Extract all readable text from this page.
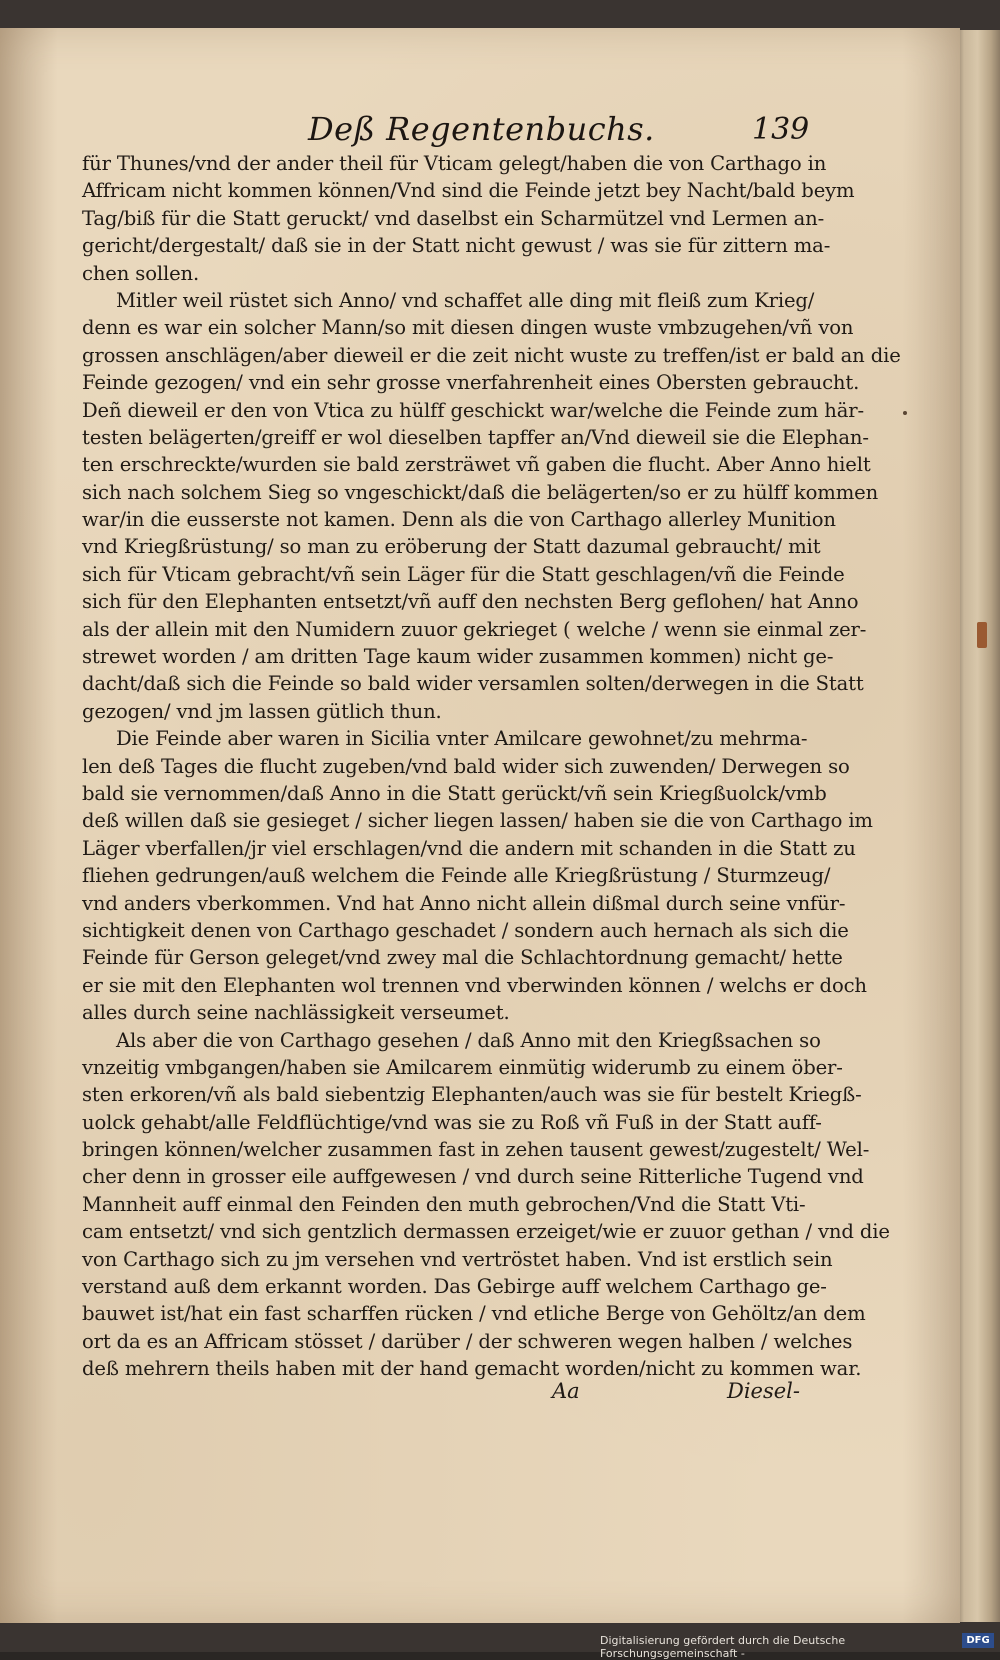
Deß Regentenbuchs.	139
für Thunes/vnd der ander theil für Vticam gelegt/haben die von Carthago in
Affricam nicht kommen können/Vnd sind die Feinde jetzt bey Nacht/bald beym
Tag/biß für die Statt geruckt/ vnd daselbst ein Scharmützel vnd Lermen an-
gericht/dergestalt/ daß sie in der Statt nicht gewust / was sie für zittern ma-
chen sollen.
Mitler weil rüstet sich Anno/ vnd schaffet alle ding mit fleiß zum Krieg/
denn es war ein solcher Mann/so mit diesen dingen wuste vmbzugehen/vñ von
grossen anschlägen/aber dieweil er die zeit nicht wuste zu treffen/ist er bald an die
Feinde gezogen/ vnd ein sehr grosse vnerfahrenheit eines Obersten gebraucht.
Deñ dieweil er den von Vtica zu hülff geschickt war/welche die Feinde zum här-
testen belägerten/greiff er wol dieselben tapffer an/Vnd dieweil sie die Elephan-
ten erschreckte/wurden sie bald zersträwet vñ gaben die flucht. Aber Anno hielt
sich nach solchem Sieg so vngeschickt/daß die belägerten/so er zu hülff kommen
war/in die eusserste not kamen. Denn als die von Carthago allerley Munition
vnd Kriegßrüstung/ so man zu eröberung der Statt dazumal gebraucht/ mit
sich für Vticam gebracht/vñ sein Läger für die Statt geschlagen/vñ die Feinde
sich für den Elephanten entsetzt/vñ auff den nechsten Berg geflohen/ hat Anno
als der allein mit den Numidern zuuor gekrieget ( welche / wenn sie einmal zer-
strewet worden / am dritten Tage kaum wider zusammen kommen) nicht ge-
dacht/daß sich die Feinde so bald wider versamlen solten/derwegen in die Statt
gezogen/ vnd jm lassen gütlich thun.
Die Feinde aber waren in Sicilia vnter Amilcare gewohnet/zu mehrma-
len deß Tages die flucht zugeben/vnd bald wider sich zuwenden/ Derwegen so
bald sie vernommen/daß Anno in die Statt gerückt/vñ sein Kriegßuolck/vmb
deß willen daß sie gesieget / sicher liegen lassen/ haben sie die von Carthago im
Läger vberfallen/jr viel erschlagen/vnd die andern mit schanden in die Statt zu
fliehen gedrungen/auß welchem die Feinde alle Kriegßrüstung / Sturmzeug/
vnd anders vberkommen. Vnd hat Anno nicht allein dißmal durch seine vnfür-
sichtigkeit denen von Carthago geschadet / sondern auch hernach als sich die
Feinde für Gerson geleget/vnd zwey mal die Schlachtordnung gemacht/ hette
er sie mit den Elephanten wol trennen vnd vberwinden können / welchs er doch
alles durch seine nachlässigkeit verseumet.
Als aber die von Carthago gesehen / daß Anno mit den Kriegßsachen so
vnzeitig vmbgangen/haben sie Amilcarem einmütig widerumb zu einem öber-
sten erkoren/vñ als bald siebentzig Elephanten/auch was sie für bestelt Kriegß-
uolck gehabt/alle Feldflüchtige/vnd was sie zu Roß vñ Fuß in der Statt auff-
bringen können/welcher zusammen fast in zehen tausent gewest/zugestelt/ Wel-
cher denn in grosser eile auffgewesen / vnd durch seine Ritterliche Tugend vnd
Mannheit auff einmal den Feinden den muth gebrochen/Vnd die Statt Vti-
cam entsetzt/ vnd sich gentzlich dermassen erzeiget/wie er zuuor gethan / vnd die
von Carthago sich zu jm versehen vnd vertröstet haben. Vnd ist erstlich sein
verstand auß dem erkannt worden. Das Gebirge auff welchem Carthago ge-
bauwet ist/hat ein fast scharffen rücken / vnd etliche Berge von Gehöltz/an dem
ort da es an Affricam stösset / darüber / der schweren wegen halben / welches
deß mehrern theils haben mit der hand gemacht worden/nicht zu kommen war.
Aa	Diesel-
Digitalisierung gefördert durch die Deutsche Forschungsgemeinschaft -
DFG
